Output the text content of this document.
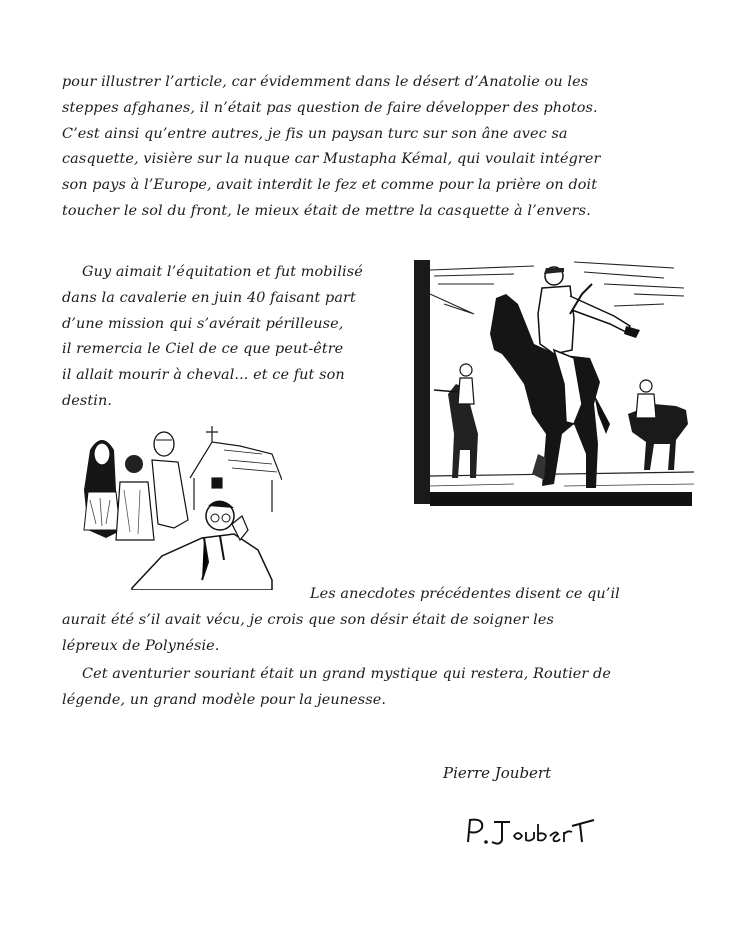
pour illustrer l’article, car évidemment dans le désert d’Anatolie ou les
steppes afghanes, il n’était pas question de faire développer des photos.
C’est ainsi qu’entre autres, je fis un paysan turc sur son âne avec sa
casquette, visière sur la nuque car Mustapha Kémal, qui voulait intégrer
son pays à l’Europe, avait interdit le fez et comme pour la prière on doit
toucher le sol du front, le mieux était de mettre la casquette à l’envers.
Guy aimait l’équitation et fut mobilisé
dans la cavalerie en juin 40 faisant part
d’une mission qui s’avérait périlleuse,
il remercia le Ciel de ce que peut-être
il allait mourir à cheval... et ce fut son
destin.
Les anecdotes précédentes disent ce qu’il
aurait été s’il avait vécu, je crois que son désir était de soigner les
lépreux de Polynésie.
Cet aventurier souriant était un grand mystique qui restera, Routier de
légende, un grand modèle pour la jeunesse.
Pierre Joubert
